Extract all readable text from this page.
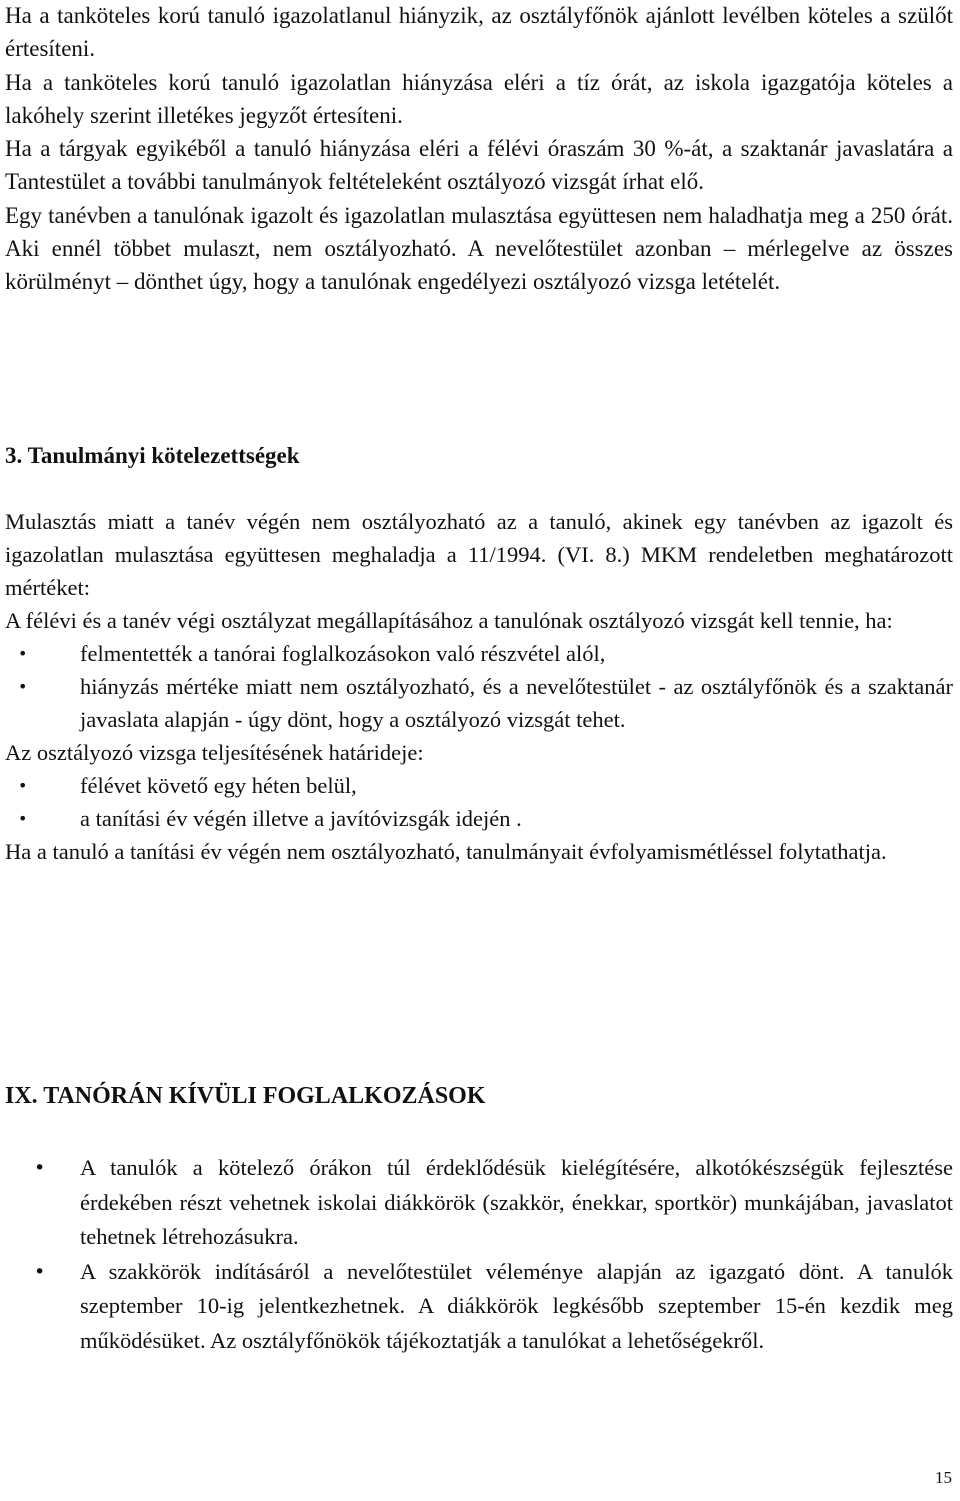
Ha a tanköteles korú tanuló igazolatlanul hiányzik, az osztályfőnök ajánlott levélben köteles a szülőt értesíteni.
Ha a tanköteles korú tanuló igazolatlan hiányzása eléri a tíz órát, az iskola igazgatója köteles a lakóhely szerint illetékes jegyzőt értesíteni.
Ha a tárgyak egyikéből a tanuló hiányzása eléri a félévi óraszám 30 %-át, a szaktanár javaslatára a Tantestület a további tanulmányok feltételeként osztályozó vizsgát írhat elő.
Egy tanévben a tanulónak igazolt és igazolatlan mulasztása együttesen nem haladhatja meg a 250 órát. Aki ennél többet mulaszt, nem osztályozható. A nevelőtestület azonban – mérlegelve az összes körülményt – dönthet úgy, hogy a tanulónak engedélyezi osztályozó vizsga letételét.
3. Tanulmányi kötelezettségek
Mulasztás miatt a tanév végén nem osztályozható az a tanuló, akinek egy tanévben az igazolt és igazolatlan mulasztása együttesen meghaladja a 11/1994. (VI. 8.) MKM rendeletben meghatározott mértéket:
A félévi és a tanév végi osztályzat megállapításához a tanulónak osztályozó vizsgát kell tennie, ha:
• felmentették a tanórai foglalkozásokon való részvétel alól,
• hiányzás mértéke miatt nem osztályozható, és a nevelőtestület - az osztályfőnök és a szaktanár javaslata alapján - úgy dönt, hogy a osztályozó vizsgát tehet.
Az osztályozó vizsga teljesítésének határideje:
• félévet követő egy héten belül,
• a tanítási év végén illetve a javítóvizsgák idején .
Ha a tanuló a tanítási év végén nem osztályozható, tanulmányait évfolyamismétléssel folytathatja.
IX. TANÓRÁN KÍVÜLI FOGLALKOZÁSOK
• A tanulók a kötelező órákon túl érdeklődésük kielégítésére, alkotókészségük fejlesztése érdekében részt vehetnek iskolai diákkörök (szakkör, énekkar, sportkör) munkájában, javaslatot tehetnek létrehozásukra.
• A szakkörök indításáról a nevelőtestület véleménye alapján az igazgató dönt. A tanulók szeptember 10-ig jelentkezhetnek. A diákkörök legkésőbb szeptember 15-én kezdik meg működésüket. Az osztályfőnökök tájékoztatják a tanulókat a lehetőségekről.
15
